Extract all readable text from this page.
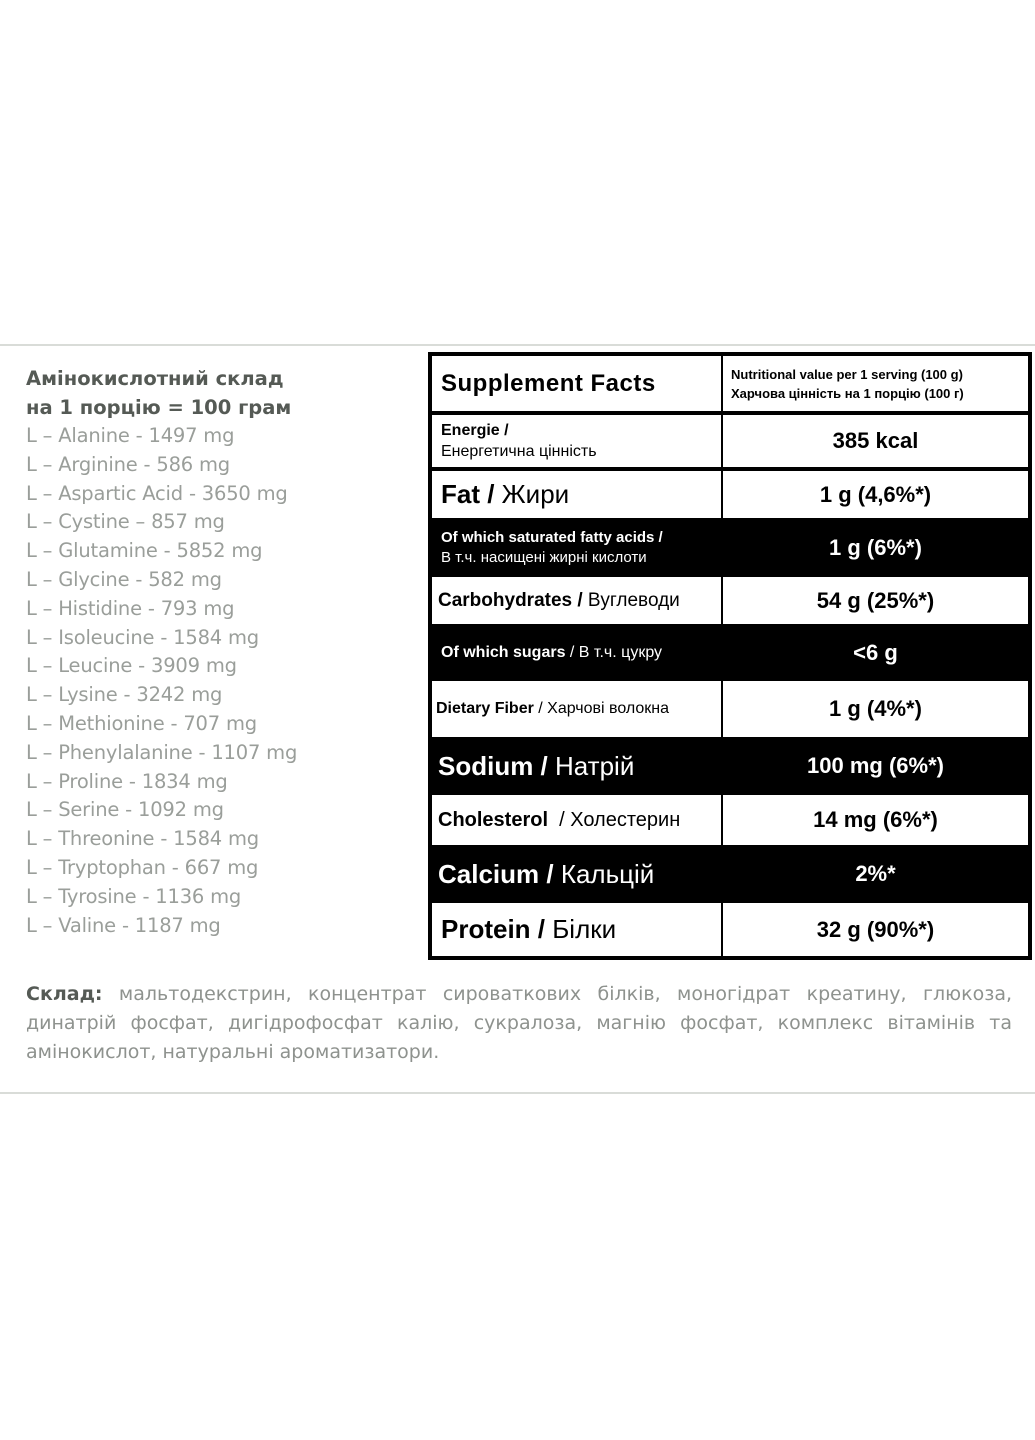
Амінокислотний склад
на 1 порцію = 100 грам
L – Alanine - 1497 mg
L – Arginine - 586 mg
L – Aspartic Acid - 3650 mg
L – Cystine – 857 mg
L – Glutamine - 5852 mg
L – Glycine - 582 mg
L – Histidine - 793 mg
L – Isoleucine - 1584 mg
L – Leucine - 3909 mg
L – Lysine - 3242 mg
L – Methionine - 707 mg
L – Phenylalanine - 1107 mg
L – Proline - 1834 mg
L – Serine - 1092 mg
L – Threonine - 1584 mg
L – Tryptophan - 667 mg
L – Tyrosine - 1136 mg
L – Valine - 1187 mg
Supplement Facts	Nutritional value per 1 serving (100 g)
Харчова цінність на 1 порцію (100 г)
Energie /
Енергетична цінність	385 kcal
Fat / Жири	1 g (4,6%*)
Of which saturated fatty acids /
В т.ч. насищені жирні кислоти	1 g (6%*)
Carbohydrates / Вуглеводи	54 g (25%*)
Of which sugars / В т.ч. цукру	<6 g
Dietary Fiber / Харчові волокна	1 g (4%*)
Sodium / Натрій	100 mg (6%*)
Cholesterol / Холестерин	14 mg (6%*)
Calcium / Кальцій	2%*
Protein / Білки	32 g (90%*)
Склад: мальтодекстрин, концентрат сироваткових білків, моногідрат креатину, глюкоза, динатрій фосфат, дигідрофосфат калію, сукралоза, магнію фосфат, комплекс вітамінів та амінокислот, натуральні ароматизатори.
